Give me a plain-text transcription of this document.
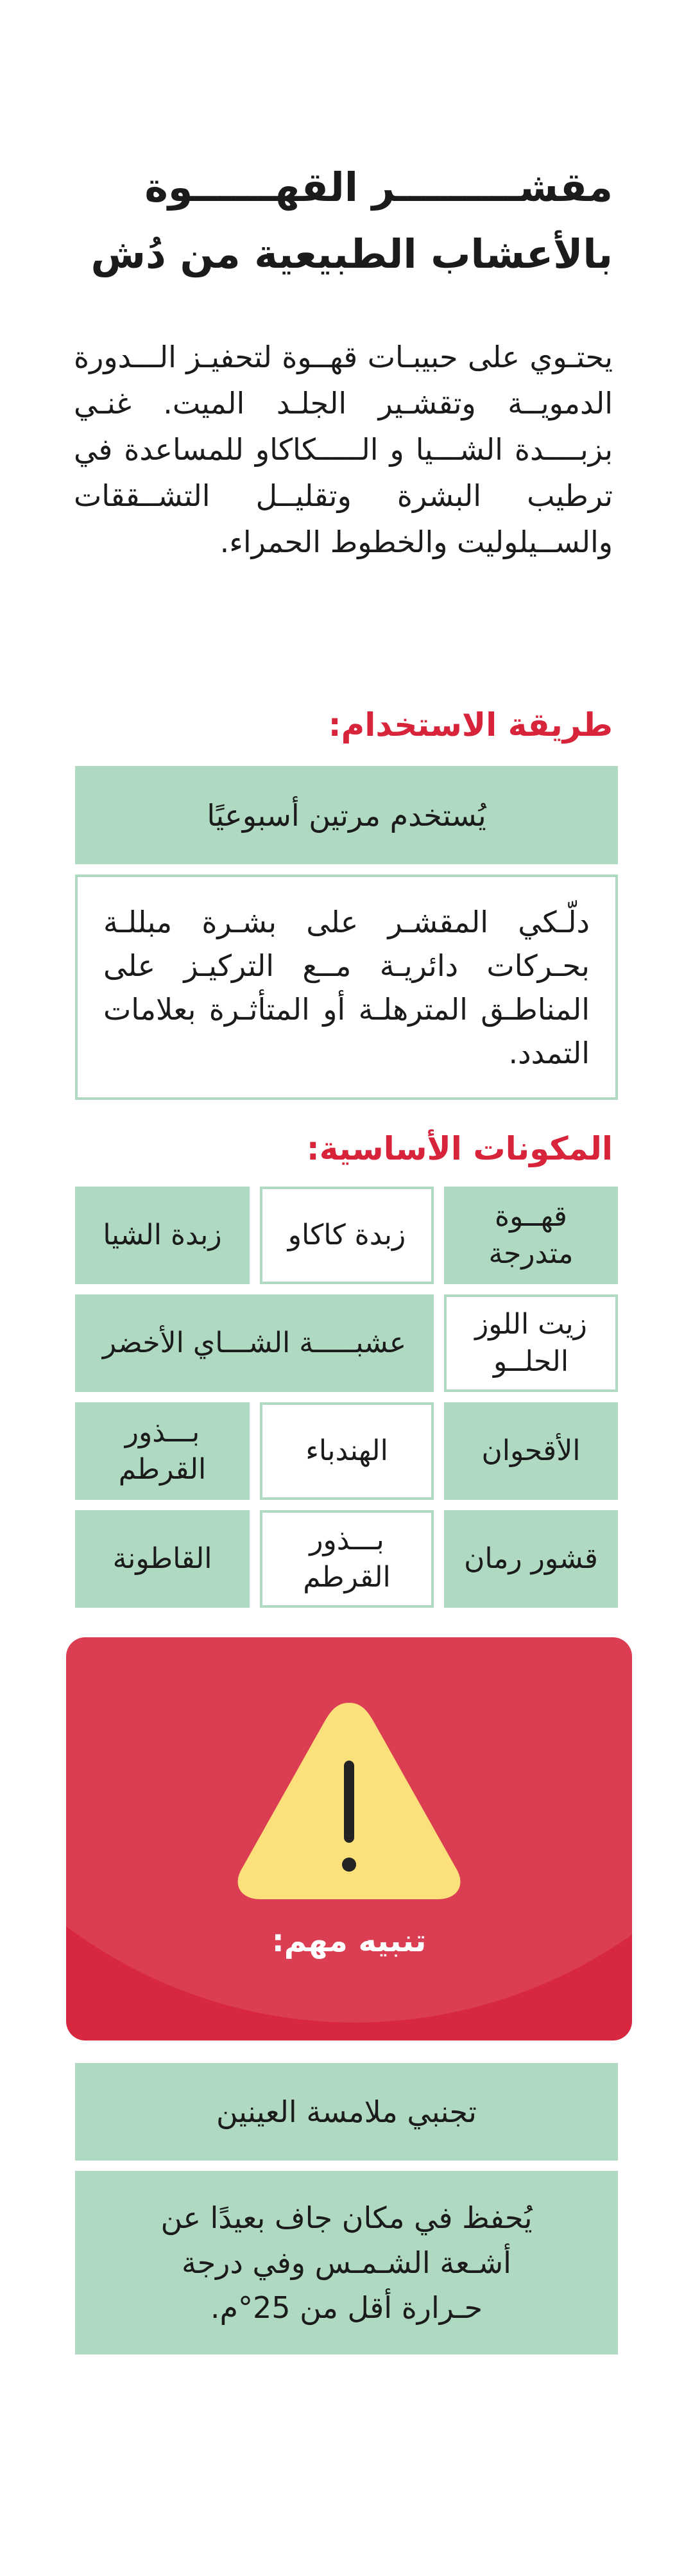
مقشـــــــــر القهــــــوة بالأعشاب الطبيعية من دُش

يحتـوي على حبيبـات قهــوة لتحفيـز الـــدورة الدمويــة وتقشـير الجلـد الميت. غنـي بزبــــدة الشـــيا و الـــــكاكاو للمساعدة في ترطيب البشرة وتقليــل التشــققات والســيلوليت والخطوط الحمراء.

طريقة الاستخدام:
يُستخدم مرتين أسبوعيًا
دلّـكي المقشـر على بشـرة مبللـة بحـركات دائريـة مــع التركيـز على المناطـق المترهلـة أو المتأثـرة بعلامات التمدد.
المكونات الأساسية:
قهــوة متدرجة
زبدة كاكاو
زبدة الشيا
زيت اللوز الحلــو
عشبـــــة الشـــاي الأخضر
الأقحوان
الهندباء
بـــذور القرطم
قشور رمان
بـــذور القرطم
القاطونة
تنبيه مهم:
تجنبي ملامسة العينين
يُحفظ في مكان جاف بعيدًا عن أشـعة الشـمـس وفي درجة حـرارة أقل من 25°م.
